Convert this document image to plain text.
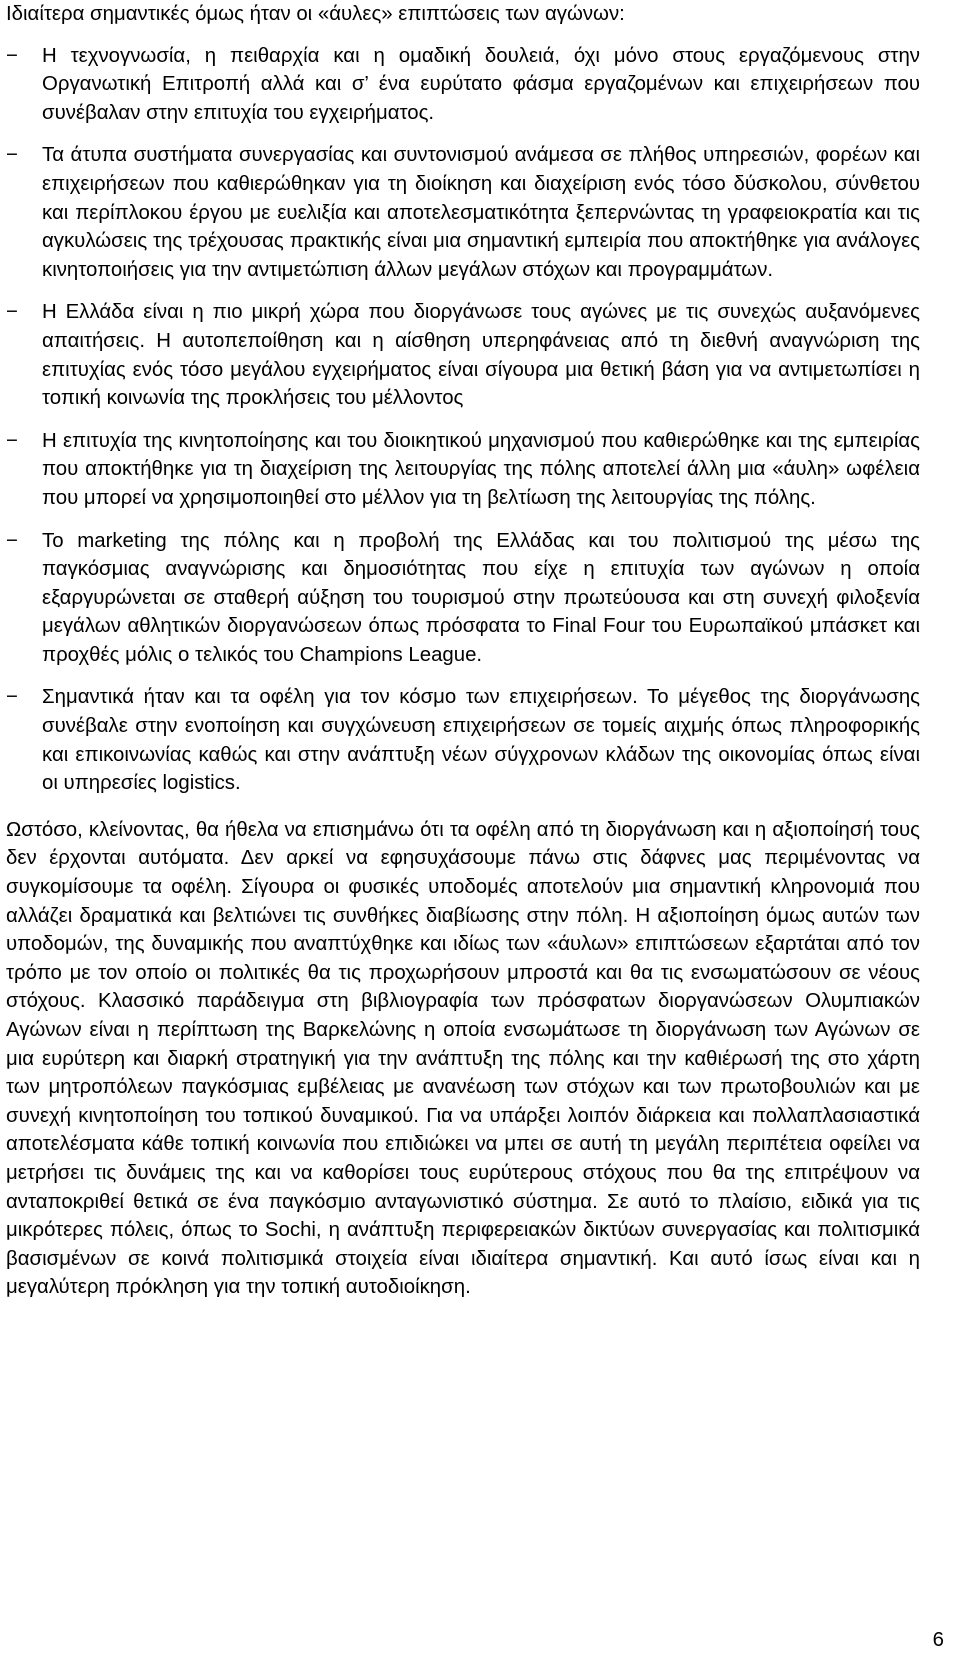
Ιδιαίτερα σημαντικές όμως ήταν οι «άυλες» επιπτώσεις των αγώνων:

− Η τεχνογνωσία, η πειθαρχία και η ομαδική δουλειά, όχι μόνο στους εργαζόμενους στην Οργανωτική Επιτροπή αλλά και σ’ ένα ευρύτατο φάσμα εργαζομένων και επιχειρήσεων που συνέβαλαν στην επιτυχία του εγχειρήματος.
− Τα άτυπα συστήματα συνεργασίας και συντονισμού ανάμεσα σε πλήθος υπηρεσιών, φορέων και επιχειρήσεων που καθιερώθηκαν για τη διοίκηση και διαχείριση ενός τόσο δύσκολου, σύνθετου και περίπλοκου έργου με ευελιξία και αποτελεσματικότητα ξεπερνώντας τη γραφειοκρατία και τις αγκυλώσεις της τρέχουσας πρακτικής είναι μια σημαντική εμπειρία που αποκτήθηκε για ανάλογες κινητοποιήσεις για την αντιμετώπιση άλλων μεγάλων στόχων και προγραμμάτων.
− Η Ελλάδα είναι η πιο μικρή χώρα που διοργάνωσε τους αγώνες με τις συνεχώς αυξανόμενες απαιτήσεις. Η αυτοπεποίθηση και η αίσθηση υπερηφάνειας από τη διεθνή αναγνώριση της επιτυχίας ενός τόσο μεγάλου εγχειρήματος είναι σίγουρα μια θετική βάση για να αντιμετωπίσει η τοπική κοινωνία της προκλήσεις του μέλλοντος
− Η επιτυχία της κινητοποίησης και του διοικητικού μηχανισμού που καθιερώθηκε και της εμπειρίας που αποκτήθηκε για τη διαχείριση της λειτουργίας της πόλης αποτελεί άλλη μια «άυλη» ωφέλεια που μπορεί να χρησιμοποιηθεί στο μέλλον για τη βελτίωση της λειτουργίας της πόλης.
− Το marketing της πόλης και η προβολή της Ελλάδας και του πολιτισμού της μέσω της παγκόσμιας αναγνώρισης και δημοσιότητας που είχε η επιτυχία των αγώνων η οποία εξαργυρώνεται σε σταθερή αύξηση του τουρισμού στην πρωτεύουσα και στη συνεχή φιλοξενία μεγάλων αθλητικών διοργανώσεων όπως πρόσφατα το Final Four του Ευρωπαϊκού μπάσκετ και προχθές μόλις ο τελικός του Champions League.
− Σημαντικά ήταν και τα οφέλη για τον κόσμο των επιχειρήσεων. Το μέγεθος της διοργάνωσης συνέβαλε στην ενοποίηση και συγχώνευση επιχειρήσεων σε τομείς αιχμής όπως πληροφορικής και επικοινωνίας καθώς και στην ανάπτυξη νέων σύγχρονων κλάδων της οικονομίας όπως είναι οι υπηρεσίες logistics.

Ωστόσο, κλείνοντας, θα ήθελα να επισημάνω ότι τα οφέλη από τη διοργάνωση και η αξιοποίησή τους δεν έρχονται αυτόματα. Δεν αρκεί να εφησυχάσουμε πάνω στις δάφνες μας περιμένοντας να συγκομίσουμε τα οφέλη. Σίγουρα οι φυσικές υποδομές αποτελούν μια σημαντική κληρονομιά που αλλάζει δραματικά και βελτιώνει τις συνθήκες διαβίωσης στην πόλη. Η αξιοποίηση όμως αυτών των υποδομών, της δυναμικής που αναπτύχθηκε και ιδίως των «άυλων» επιπτώσεων εξαρτάται από τον τρόπο με τον οποίο οι πολιτικές θα τις προχωρήσουν μπροστά και θα τις ενσωματώσουν σε νέους στόχους. Κλασσικό παράδειγμα στη βιβλιογραφία των πρόσφατων διοργανώσεων Ολυμπιακών Αγώνων είναι η περίπτωση της Βαρκελώνης η οποία ενσωμάτωσε τη διοργάνωση των Αγώνων σε μια ευρύτερη και διαρκή στρατηγική για την ανάπτυξη της πόλης και την καθιέρωσή της στο χάρτη των μητροπόλεων παγκόσμιας εμβέλειας με ανανέωση των στόχων και των πρωτοβουλιών και με συνεχή κινητοποίηση του τοπικού δυναμικού. Για να υπάρξει λοιπόν διάρκεια και πολλαπλασιαστικά αποτελέσματα κάθε τοπική κοινωνία που επιδιώκει να μπει σε αυτή τη μεγάλη περιπέτεια οφείλει να μετρήσει τις δυνάμεις της και να καθορίσει τους ευρύτερους στόχους που θα της επιτρέψουν να ανταποκριθεί θετικά σε ένα παγκόσμιο ανταγωνιστικό σύστημα. Σε αυτό το πλαίσιο, ειδικά για τις μικρότερες πόλεις, όπως το Sochi, η ανάπτυξη περιφερειακών δικτύων συνεργασίας και πολιτισμικά βασισμένων σε κοινά πολιτισμικά στοιχεία είναι ιδιαίτερα σημαντική. Και αυτό ίσως είναι και η μεγαλύτερη πρόκληση για την τοπική αυτοδιοίκηση.

6
